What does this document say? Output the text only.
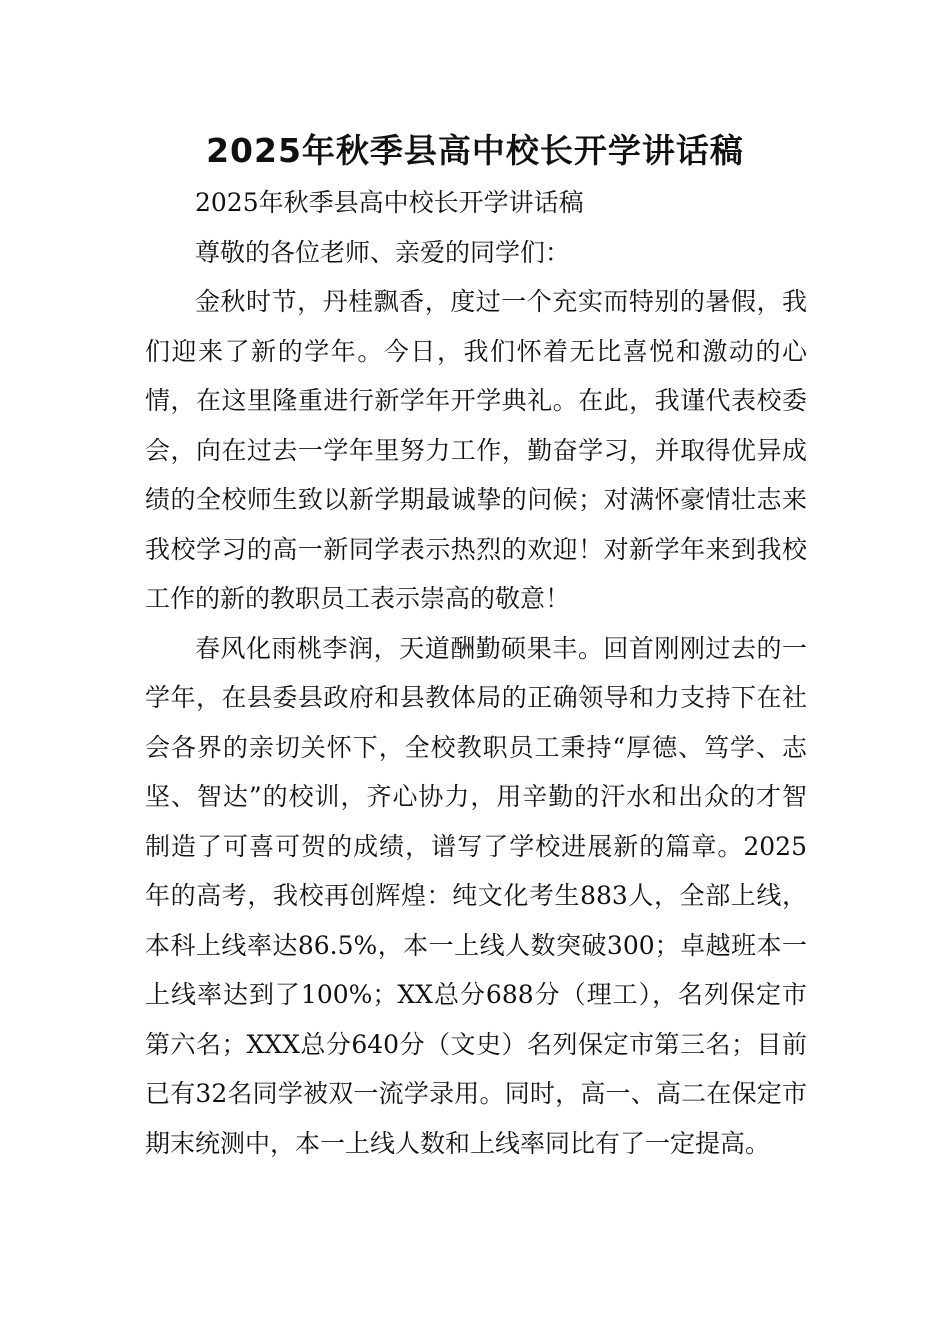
2025年秋季县高中校长开学讲话稿

2025年秋季县高中校长开学讲话稿

尊敬的各位老师、亲爱的同学们：

金秋时节，丹桂飘香，度过一个充实而特别的暑假，我们迎来了新的学年。今日，我们怀着无比喜悦和激动的心情，在这里隆重进行新学年开学典礼。在此，我谨代表校委会，向在过去一学年里努力工作，勤奋学习，并取得优异成绩的全校师生致以新学期最诚挚的问候；对满怀豪情壮志来我校学习的高一新同学表示热烈的欢迎！对新学年来到我校工作的新的教职员工表示崇高的敬意！

春风化雨桃李润，天道酬勤硕果丰。回首刚刚过去的一学年，在县委县政府和县教体局的正确领导和力支持下在社会各界的亲切关怀下，全校教职员工秉持“厚德、笃学、志坚、智达”的校训，齐心协力，用辛勤的汗水和出众的才智制造了可喜可贺的成绩，谱写了学校进展新的篇章。2025年的高考，我校再创辉煌：纯文化考生883人，全部上线，本科上线率达86.5%，本一上线人数突破300；卓越班本一上线率达到了100%；XX总分688分（理工），名列保定市第六名；XXX总分640分（文史）名列保定市第三名；目前已有32名同学被双一流学录用。同时，高一、高二在保定市期末统测中，本一上线人数和上线率同比有了一定提高。
